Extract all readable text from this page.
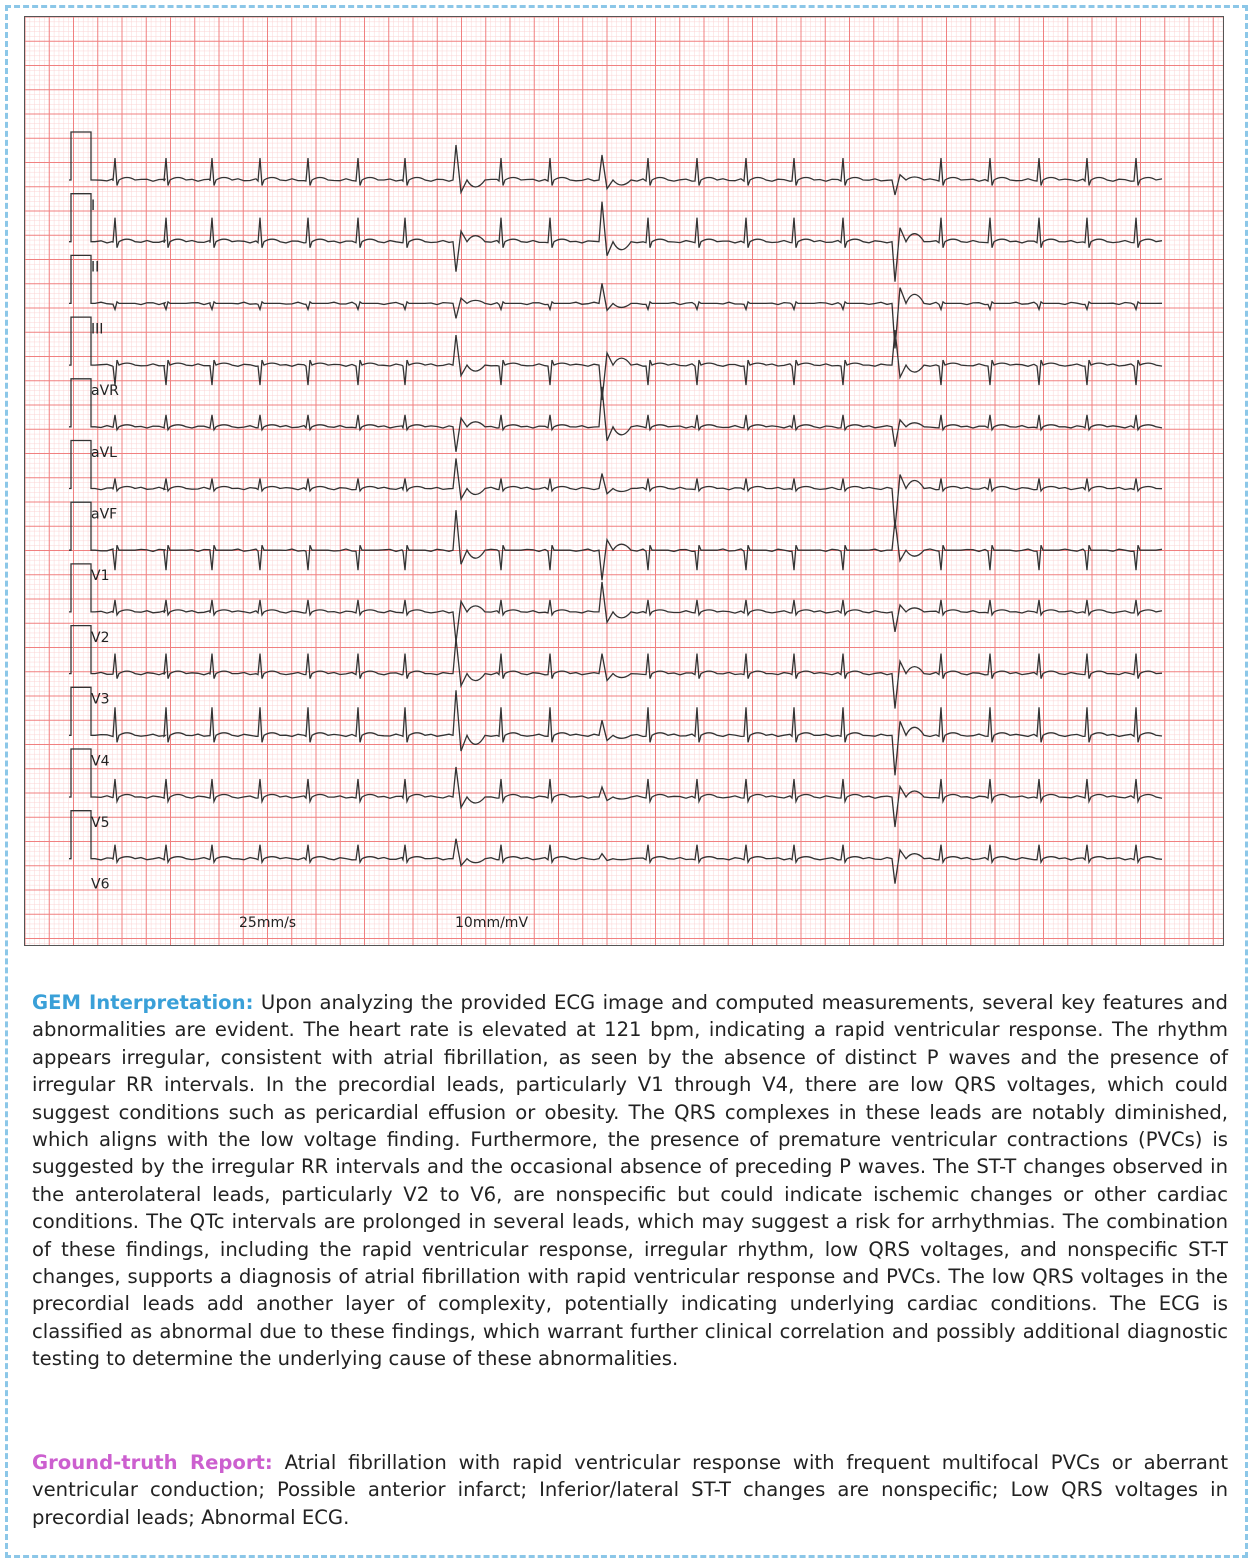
I
II
III
aVR
aVL
aVF
V1
V2
V3
V4
V5
V6
25mm/s	10mm/mV

GEM Interpretation: Upon analyzing the provided ECG image and computed measurements, several key features and abnormalities are evident. The heart rate is elevated at 121 bpm, indicating a rapid ventricular response. The rhythm appears irregular, consistent with atrial fibrillation, as seen by the absence of distinct P waves and the presence of irregular RR intervals. In the precordial leads, particularly V1 through V4, there are low QRS voltages, which could suggest conditions such as pericardial effusion or obesity. The QRS complexes in these leads are notably diminished, which aligns with the low voltage finding. Furthermore, the presence of premature ventricular contractions (PVCs) is suggested by the irregular RR intervals and the occasional absence of preceding P waves. The ST-T changes observed in the anterolateral leads, particularly V2 to V6, are nonspecific but could indicate ischemic changes or other cardiac conditions. The QTc intervals are prolonged in several leads, which may suggest a risk for arrhythmias. The combination of these findings, including the rapid ventricular response, irregular rhythm, low QRS voltages, and nonspecific ST-T changes, supports a diagnosis of atrial fibrillation with rapid ventricular response and PVCs. The low QRS voltages in the precordial leads add another layer of complexity, potentially indicating underlying cardiac conditions. The ECG is classified as abnormal due to these findings, which warrant further clinical correlation and possibly additional diagnostic testing to determine the underlying cause of these abnormalities.

Ground-truth Report: Atrial fibrillation with rapid ventricular response with frequent multifocal PVCs or aberrant ventricular conduction; Possible anterior infarct; Inferior/lateral ST-T changes are nonspecific; Low QRS voltages in precordial leads; Abnormal ECG.
